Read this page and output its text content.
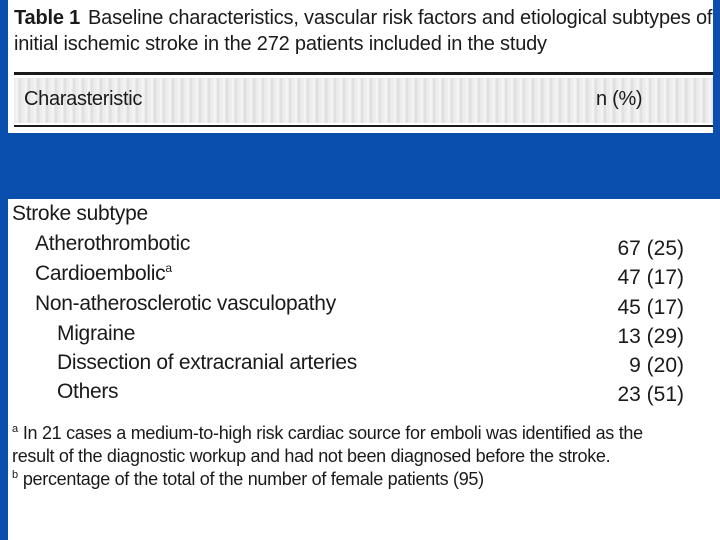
Table 1 Baseline characteristics, vascular risk factors and etiological subtypes of
initial ischemic stroke in the 272 patients included in the study
Charasteristic	n (%)
Stroke subtype
Atherothrombotic	67 (25)
Cardioembolic$^a$	47 (17)
Non-atherosclerotic vasculopathy	45 (17)
Migraine	13 (29)
Dissection of extracranial arteries	9 (20)
Others	23 (51)
$^a$ In 21 cases a medium-to-high risk cardiac source for emboli was identified as the
result of the diagnostic workup and had not been diagnosed before the stroke.
$^b$ percentage of the total of the number of female patients (95)
